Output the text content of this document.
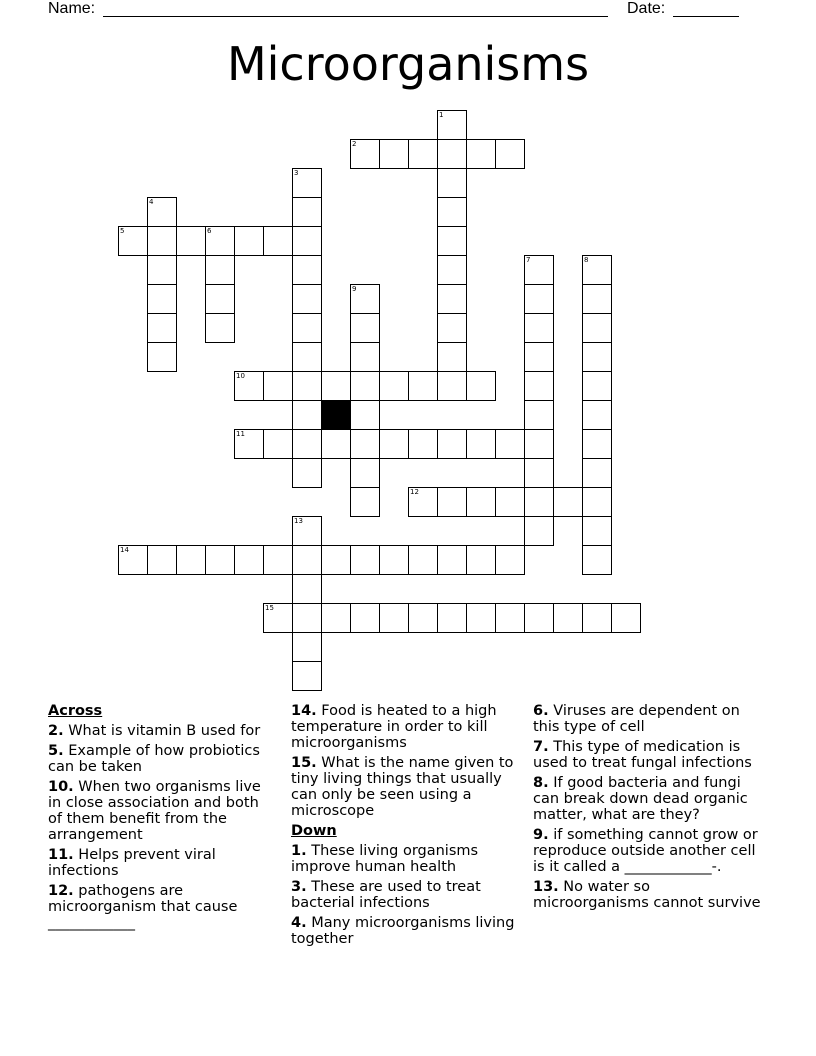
Name:	Date:
Microorganisms
2
5	6
10
11
12
14
15
1
3
4
7	8
9
13
Across
2. What is vitamin B used for
5. Example of how probiotics can be taken
10. When two organisms live in close association and both of them benefit from the arrangement
11. Helps prevent viral infections
12. pathogens are microorganism that cause ____________
14. Food is heated to a high temperature in order to kill microorganisms
15. What is the name given to tiny living things that usually can only be seen using a microscope
Down
1. These living organisms improve human health
3. These are used to treat bacterial infections
4. Many microorganisms living together
6. Viruses are dependent on this type of cell
7. This type of medication is used to treat fungal infections
8. If good bacteria and fungi can break down dead organic matter, what are they?
9. if something cannot grow or reproduce outside another cell is it called a ____________-.
13. No water so microorganisms cannot survive
